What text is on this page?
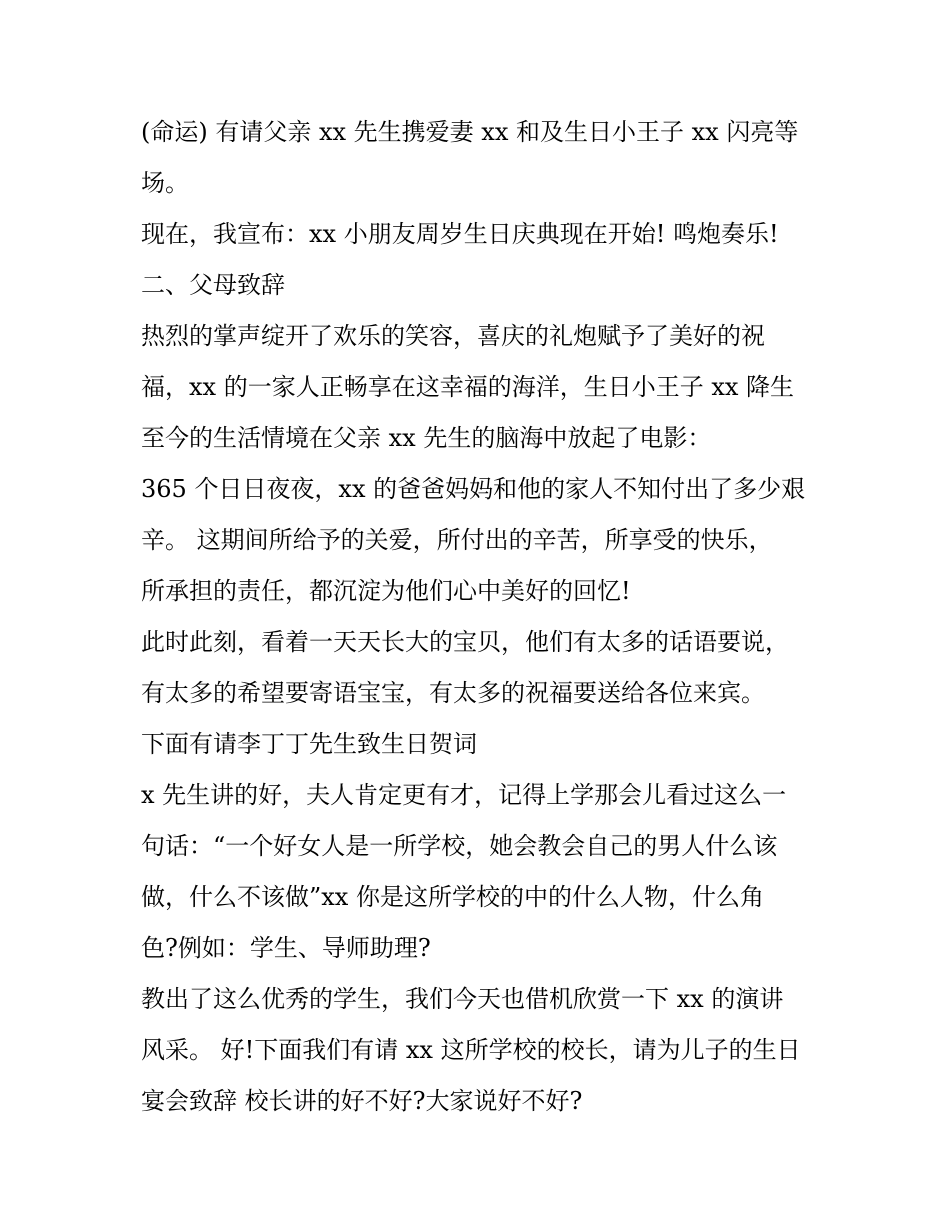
(命运) 有请父亲 xx 先生携爱妻 xx 和及生日小王子 xx 闪亮等
场。
现在，我宣布：xx 小朋友周岁生日庆典现在开始! 鸣炮奏乐!
二、父母致辞
热烈的掌声绽开了欢乐的笑容，喜庆的礼炮赋予了美好的祝
福，xx 的一家人正畅享在这幸福的海洋，生日小王子 xx 降生
至今的生活情境在父亲 xx 先生的脑海中放起了电影：
365 个日日夜夜，xx 的爸爸妈妈和他的家人不知付出了多少艰
辛。 这期间所给予的关爱，所付出的辛苦，所享受的快乐，
所承担的责任，都沉淀为他们心中美好的回忆!
此时此刻，看着一天天长大的宝贝，他们有太多的话语要说，
有太多的希望要寄语宝宝，有太多的祝福要送给各位来宾。
下面有请李丁丁先生致生日贺词
x 先生讲的好，夫人肯定更有才，记得上学那会儿看过这么一
句话：“一个好女人是一所学校，她会教会自己的男人什么该
做，什么不该做”xx 你是这所学校的中的什么人物，什么角
色?例如：学生、导师助理?
教出了这么优秀的学生，我们今天也借机欣赏一下 xx 的演讲
风采。 好!下面我们有请 xx 这所学校的校长，请为儿子的生日
宴会致辞 校长讲的好不好?大家说好不好?
